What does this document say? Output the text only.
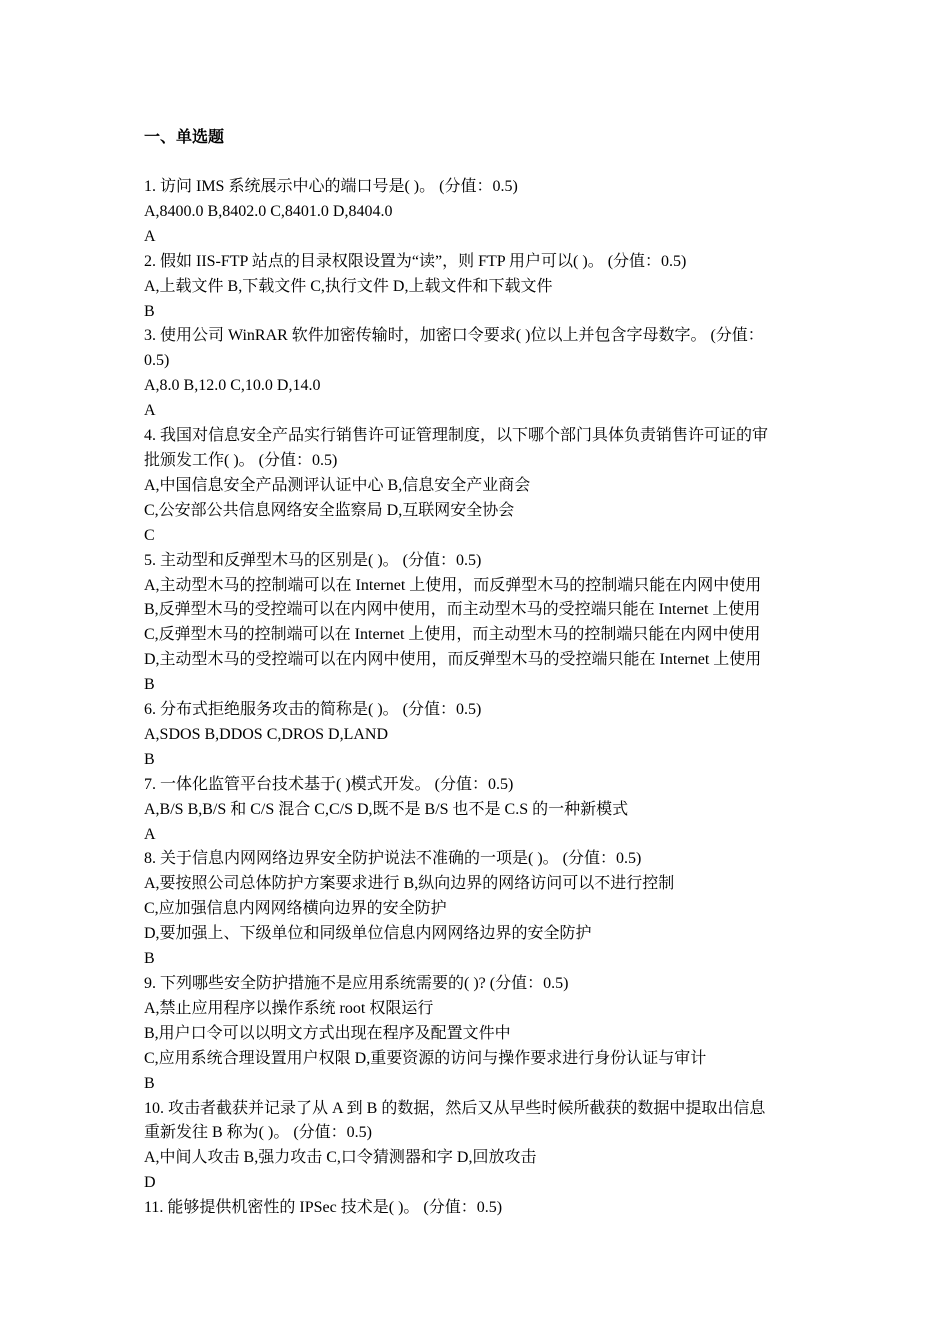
一、单选题
1. 访问 IMS 系统展示中心的端口号是( )。 (分值：0.5)
A,8400.0 B,8402.0 C,8401.0 D,8404.0
A
2. 假如 IIS-FTP 站点的目录权限设置为“读”，则 FTP 用户可以( )。 (分值：0.5)
A,上载文件 B,下载文件 C,执行文件 D,上载文件和下载文件
B
3. 使用公司 WinRAR 软件加密传输时，加密口令要求( )位以上并包含字母数字。 (分值：
0.5)
A,8.0 B,12.0 C,10.0 D,14.0
A
4. 我国对信息安全产品实行销售许可证管理制度，以下哪个部门具体负责销售许可证的审
批颁发工作( )。 (分值：0.5)
A,中国信息安全产品测评认证中心 B,信息安全产业商会
C,公安部公共信息网络安全监察局 D,互联网安全协会
C
5. 主动型和反弹型木马的区别是( )。 (分值：0.5)
A,主动型木马的控制端可以在 Internet 上使用，而反弹型木马的控制端只能在内网中使用
B,反弹型木马的受控端可以在内网中使用，而主动型木马的受控端只能在 Internet 上使用
C,反弹型木马的控制端可以在 Internet 上使用，而主动型木马的控制端只能在内网中使用
D,主动型木马的受控端可以在内网中使用，而反弹型木马的受控端只能在 Internet 上使用
B
6. 分布式拒绝服务攻击的简称是( )。 (分值：0.5)
A,SDOS B,DDOS C,DROS D,LAND
B
7. 一体化监管平台技术基于( )模式开发。 (分值：0.5)
A,B/S B,B/S 和 C/S 混合 C,C/S D,既不是 B/S 也不是 C.S 的一种新模式
A
8. 关于信息内网网络边界安全防护说法不准确的一项是( )。 (分值：0.5)
A,要按照公司总体防护方案要求进行 B,纵向边界的网络访问可以不进行控制
C,应加强信息内网网络横向边界的安全防护
D,要加强上、下级单位和同级单位信息内网网络边界的安全防护
B
9. 下列哪些安全防护措施不是应用系统需要的( )? (分值：0.5)
A,禁止应用程序以操作系统 root 权限运行
B,用户口令可以以明文方式出现在程序及配置文件中
C,应用系统合理设置用户权限 D,重要资源的访问与操作要求进行身份认证与审计
B
10. 攻击者截获并记录了从 A 到 B 的数据，然后又从早些时候所截获的数据中提取出信息
重新发往 B 称为( )。 (分值：0.5)
A,中间人攻击 B,强力攻击 C,口令猜测器和字 D,回放攻击
D
11. 能够提供机密性的 IPSec 技术是( )。 (分值：0.5)
